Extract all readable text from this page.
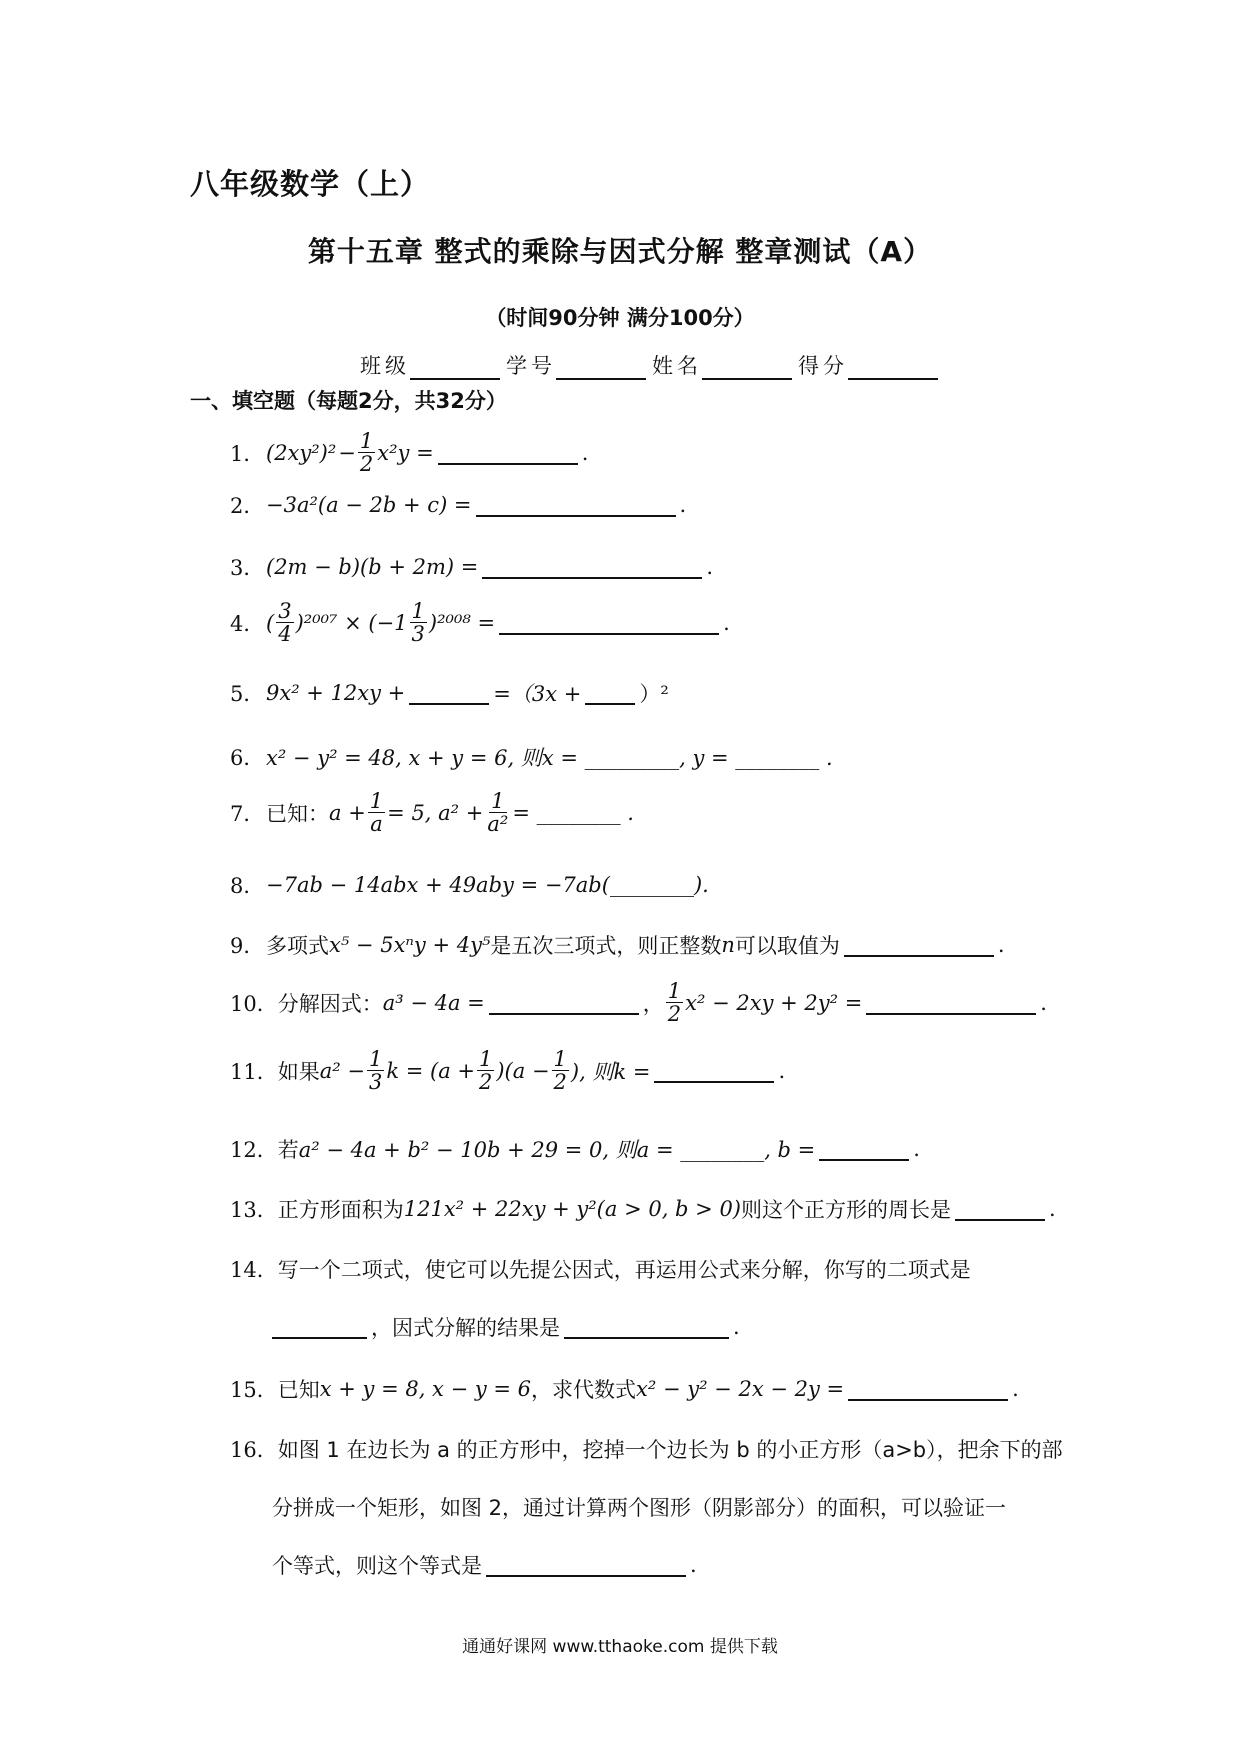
八年级数学（上）
第十五章 整式的乘除与因式分解 整章测试（A）
（时间90分钟 满分100分）
班级	学号	姓名	得分
一、填空题（每题2分，共32分）
1． $(2xy^2)^2 - \frac{1}{2} x^2y$ =	.
2． −3a²(a − 2b + c) =	.
3． (2m − b)(b + 2m) =	.
4． ( $\frac{3}{4} )^{2007} \times (-1 \frac{1}{3} )^{2008}$ =	.
5． 9x² + 12xy +	=（3x +	）²
6． x² − y² = 48, x + y = 6, 则x = _________, y = ________ .
7． 已知： $a + \frac{1}{a} = 5$, $a^2 + \frac{1}{\text{a²}}$ = ________ .
8． −7ab − 14abx + 49aby = −7ab(________).
9． 多项式 x⁵ − 5xⁿy + 4y⁵ 是五次三项式，则正整数 n 可以取值为	.
10． 分解因式： a³ − 4a =	， $\frac{1}{2} x^2 - 2xy + 2y^2$ =	.
11． 如果 $a^2 - \frac{1}{3}$ $k = (a + \frac{1}{2} )(a - \frac{1}{2}$ ), 则k =	.
12． 若 a² − 4a + b² − 10b + 29 = 0, 则a = ________, b =	.
13． 正方形面积为 121x² + 22xy + y²(a > 0, b > 0) 则这个正方形的周长是	.
14． 写一个二项式，使它可以先提公因式，再运用公式来分解，你写的二项式是
，因式分解的结果是	.
15． 已知 x + y = 8, x − y = 6 ，求代数式 x² − y² − 2x − 2y =	.
16． 如图 1 在边长为 a 的正方形中，挖掉一个边长为 b 的小正方形（a>b），把余下的部
分拼成一个矩形，如图 2，通过计算两个图形（阴影部分）的面积，可以验证一
个等式，则这个等式是	.
通通好课网 www.tthaoke.com 提供下载
